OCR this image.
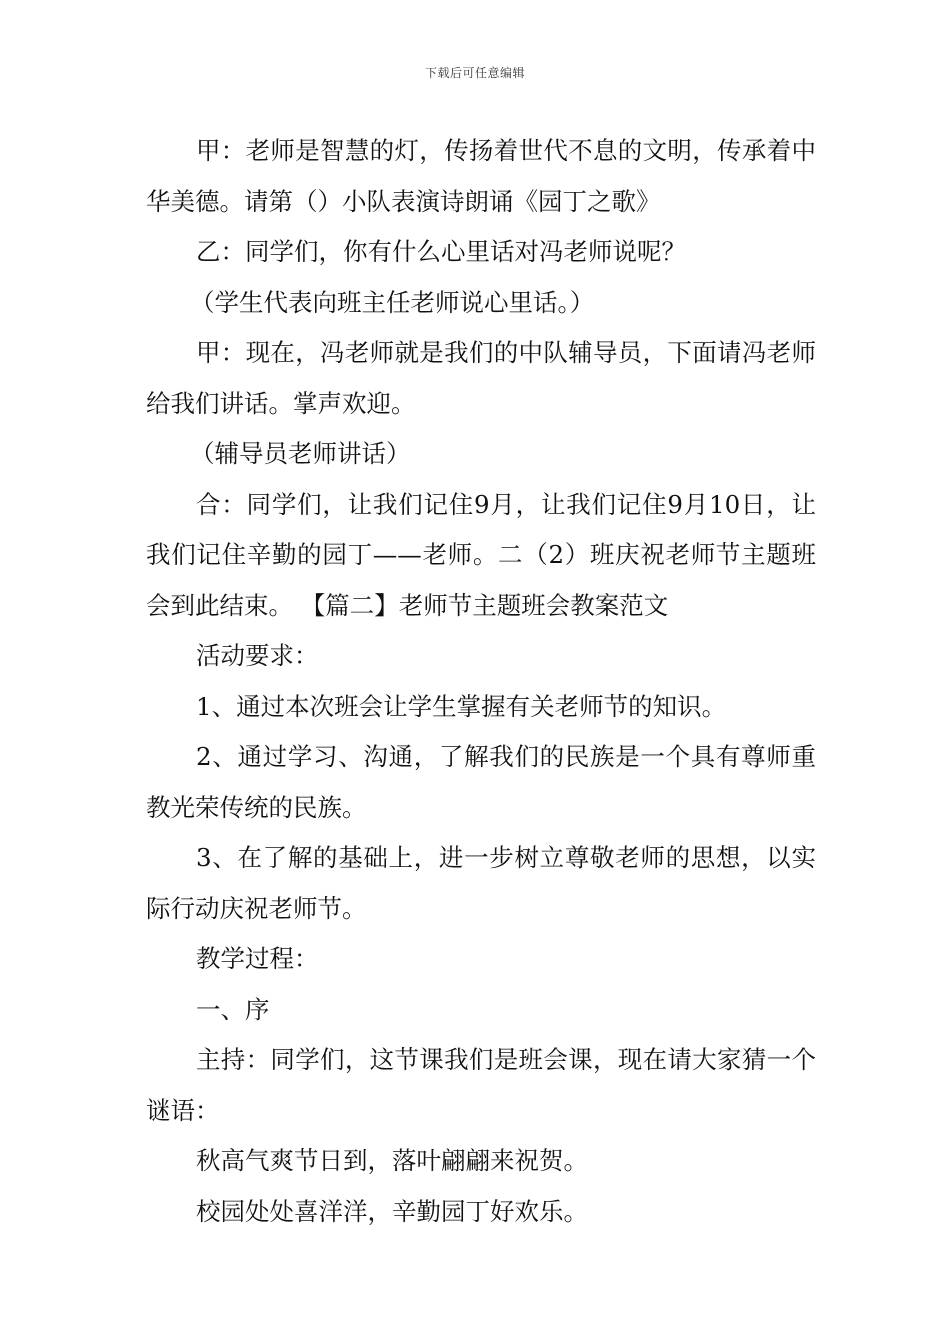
下载后可任意编辑

甲：老师是智慧的灯，传扬着世代不息的文明，传承着中华美德。请第（）小队表演诗朗诵《园丁之歌》

乙：同学们，你有什么心里话对冯老师说呢？

（学生代表向班主任老师说心里话。）

甲：现在，冯老师就是我们的中队辅导员，下面请冯老师给我们讲话。掌声欢迎。

（辅导员老师讲话）

合：同学们，让我们记住9月，让我们记住9月10日，让我们记住辛勤的园丁——老师。二（2）班庆祝老师节主题班会到此结束。 【篇二】老师节主题班会教案范文

活动要求：

1、通过本次班会让学生掌握有关老师节的知识。

2、通过学习、沟通，了解我们的民族是一个具有尊师重教光荣传统的民族。

3、在了解的基础上，进一步树立尊敬老师的思想，以实际行动庆祝老师节。

教学过程：

一、序

主持：同学们，这节课我们是班会课，现在请大家猜一个谜语：

秋高气爽节日到，落叶翩翩来祝贺。

校园处处喜洋洋，辛勤园丁好欢乐。
